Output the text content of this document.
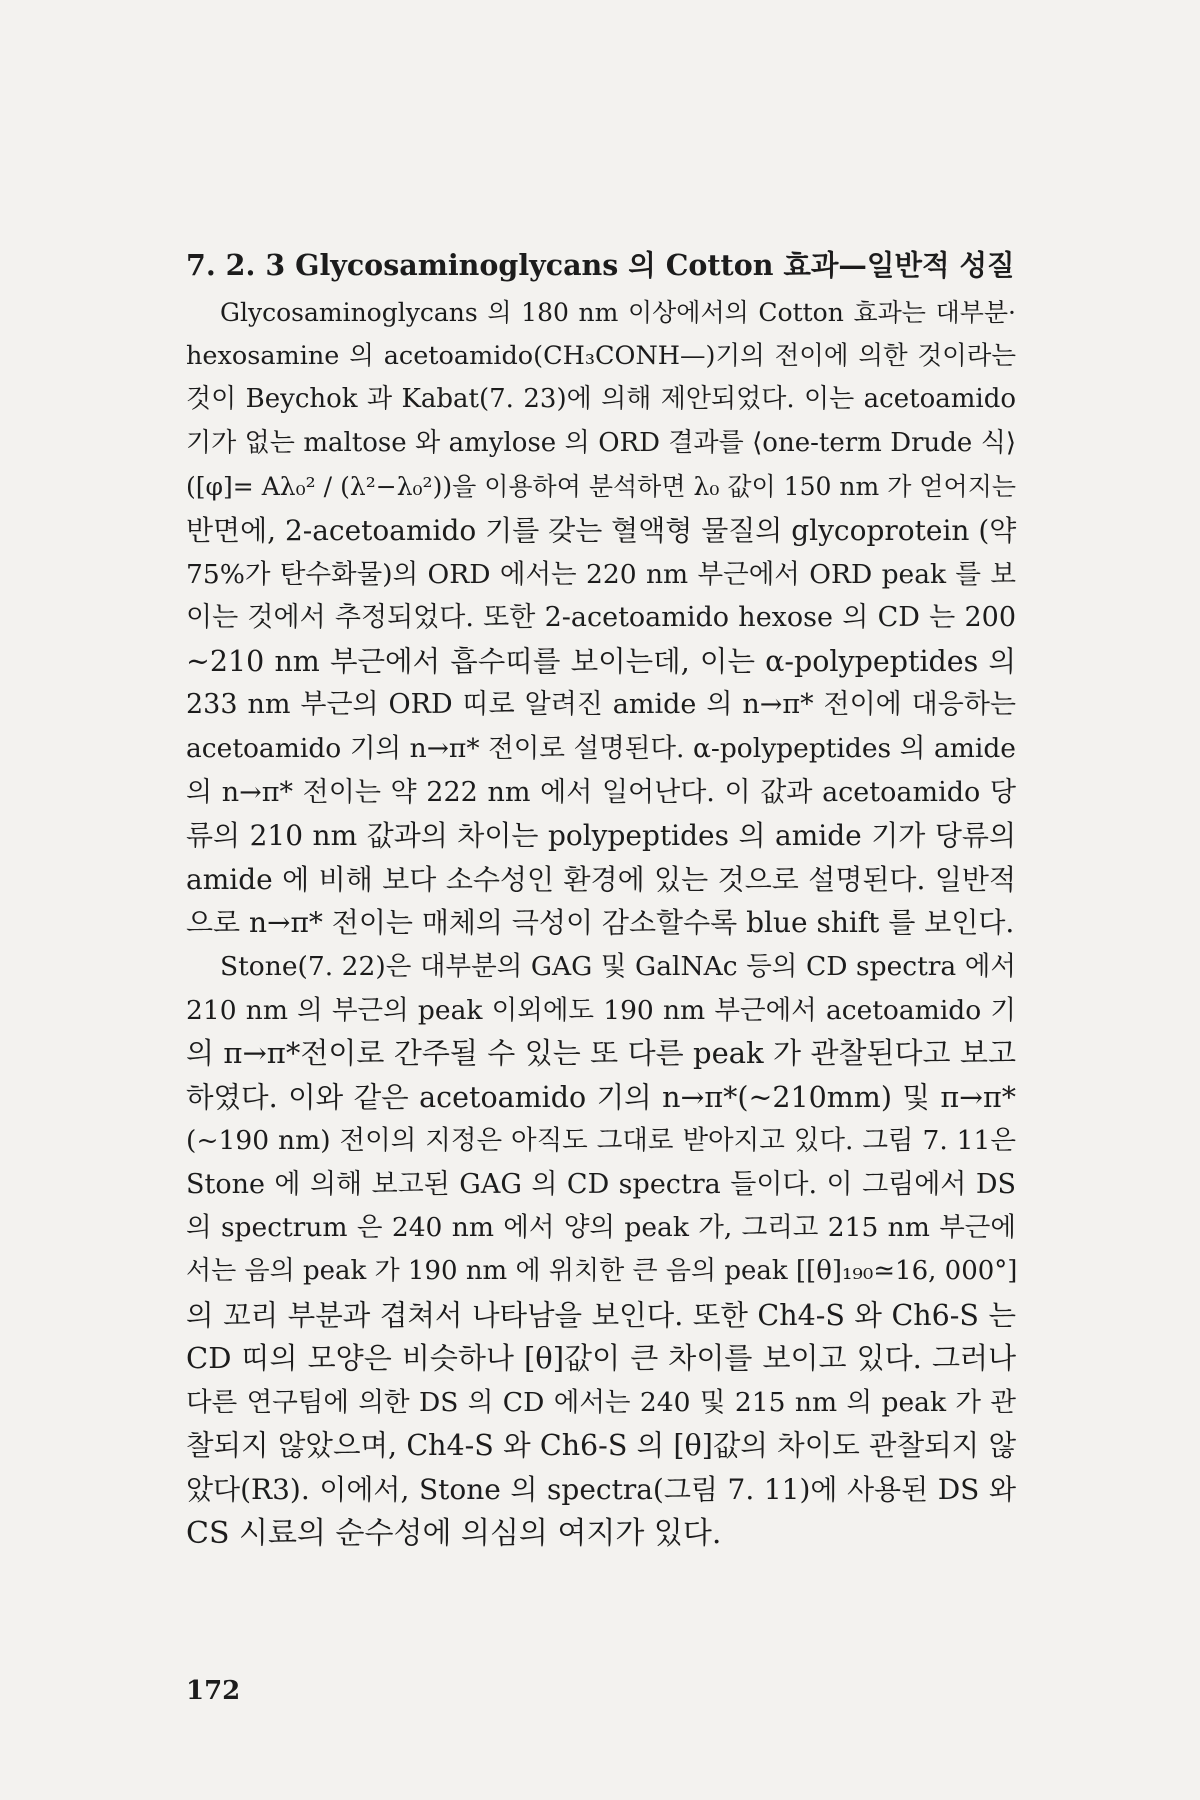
7. 2. 3 Glycosaminoglycans 의 Cotton 효과—일반적 성질
Glycosaminoglycans 의 180 nm 이상에서의 Cotton 효과는 대부분·
hexosamine 의 acetoamido(CH₃CONH—)기의 전이에 의한 것이라는
것이 Beychok 과 Kabat(7. 23)에 의해 제안되었다. 이는 acetoamido
기가 없는 maltose 와 amylose 의 ORD 결과를 ⟨one-term Drude 식⟩
([φ]= Aλ₀² / (λ²−λ₀²))을 이용하여 분석하면 λ₀ 값이 150 nm 가 얻어지는
반면에, 2-acetoamido 기를 갖는 혈액형 물질의 glycoprotein (약
75%가 탄수화물)의 ORD 에서는 220 nm 부근에서 ORD peak 를 보
이는 것에서 추정되었다. 또한 2-acetoamido hexose 의 CD 는 200
~210 nm 부근에서 흡수띠를 보이는데, 이는 α-polypeptides 의
233 nm 부근의 ORD 띠로 알려진 amide 의 n→π* 전이에 대응하는
acetoamido 기의 n→π* 전이로 설명된다. α-polypeptides 의 amide
의 n→π* 전이는 약 222 nm 에서 일어난다. 이 값과 acetoamido 당
류의 210 nm 값과의 차이는 polypeptides 의 amide 기가 당류의
amide 에 비해 보다 소수성인 환경에 있는 것으로 설명된다. 일반적
으로 n→π* 전이는 매체의 극성이 감소할수록 blue shift 를 보인다.
Stone(7. 22)은 대부분의 GAG 및 GalNAc 등의 CD spectra 에서
210 nm 의 부근의 peak 이외에도 190 nm 부근에서 acetoamido 기
의 π→π*전이로 간주될 수 있는 또 다른 peak 가 관찰된다고 보고
하였다. 이와 같은 acetoamido 기의 n→π*(~210mm) 및 π→π*
(~190 nm) 전이의 지정은 아직도 그대로 받아지고 있다. 그림 7. 11은
Stone 에 의해 보고된 GAG 의 CD spectra 들이다. 이 그림에서 DS
의 spectrum 은 240 nm 에서 양의 peak 가, 그리고 215 nm 부근에
서는 음의 peak 가 190 nm 에 위치한 큰 음의 peak [[θ]₁₉₀≃16, 000°]
의 꼬리 부분과 겹쳐서 나타남을 보인다. 또한 Ch4-S 와 Ch6-S 는
CD 띠의 모양은 비슷하나 [θ]값이 큰 차이를 보이고 있다. 그러나
다른 연구팀에 의한 DS 의 CD 에서는 240 및 215 nm 의 peak 가 관
찰되지 않았으며, Ch4-S 와 Ch6-S 의 [θ]값의 차이도 관찰되지 않
았다(R3). 이에서, Stone 의 spectra(그림 7. 11)에 사용된 DS 와
CS 시료의 순수성에 의심의 여지가 있다.
172
